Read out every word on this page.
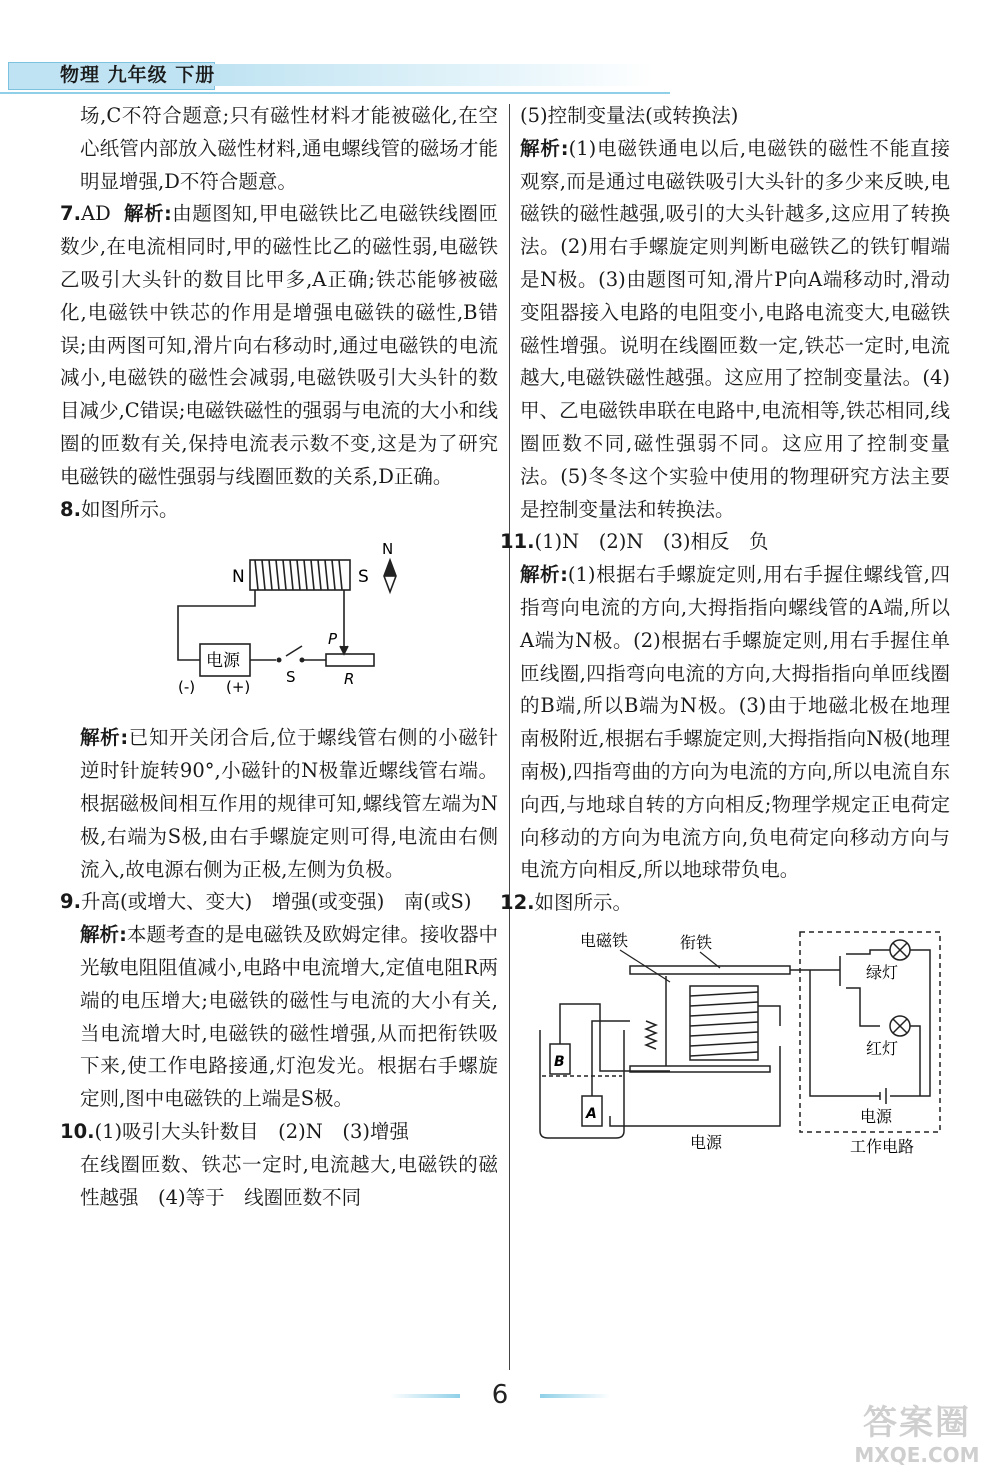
物理 九年级 下册

场,C不符合题意;只有磁性材料才能被磁化,在空心纸管内部放入磁性材料,通电螺线管的磁场才能明显增强,D不符合题意。

7.AD 解析:由题图知,甲电磁铁比乙电磁铁线圈匝数少,在电流相同时,甲的磁性比乙的磁性弱,电磁铁乙吸引大头针的数目比甲多,A正确;铁芯能够被磁化,电磁铁中铁芯的作用是增强电磁铁的磁性,B错误;由两图可知,滑片向右移动时,通过电磁铁的电流减小,电磁铁的磁性会减弱,电磁铁吸引大头针的数目减少,C错误;电磁铁磁性的强弱与电流的大小和线圈的匝数有关,保持电流表示数不变,这是为了研究电磁铁的磁性强弱与线圈匝数的关系,D正确。

8.如图所示。

N	S
N
电源
(-) (+)
S
P
R

解析:已知开关闭合后,位于螺线管右侧的小磁针逆时针旋转90°,小磁针的N极靠近螺线管右端。根据磁极间相互作用的规律可知,螺线管左端为N极,右端为S极,由右手螺旋定则可得,电流由右侧流入,故电源右侧为正极,左侧为负极。

9.升高(或增大、变大)　增强(或变强)　南(或S)

解析:本题考查的是电磁铁及欧姆定律。接收器中光敏电阻阻值减小,电路中电流增大,定值电阻R两端的电压增大;电磁铁的磁性与电流的大小有关,当电流增大时,电磁铁的磁性增强,从而把衔铁吸下来,使工作电路接通,灯泡发光。根据右手螺旋定则,图中电磁铁的上端是S极。

10.(1)吸引大头针数目　(2)N　(3)增强

在线圈匝数、铁芯一定时,电流越大,电磁铁的磁性越强　(4)等于　线圈匝数不同

(5)控制变量法(或转换法)

解析:(1)电磁铁通电以后,电磁铁的磁性不能直接观察,而是通过电磁铁吸引大头针的多少来反映,电磁铁的磁性越强,吸引的大头针越多,这应用了转换法。(2)用右手螺旋定则判断电磁铁乙的铁钉帽端是N极。(3)由题图可知,滑片P向A端移动时,滑动变阻器接入电路的电阻变小,电路电流变大,电磁铁磁性增强。说明在线圈匝数一定,铁芯一定时,电流越大,电磁铁磁性越强。这应用了控制变量法。(4)甲、乙电磁铁串联在电路中,电流相等,铁芯相同,线圈匝数不同,磁性强弱不同。这应用了控制变量法。(5)冬冬这个实验中使用的物理研究方法主要是控制变量法和转换法。

11.(1)N　(2)N　(3)相反　负

解析:(1)根据右手螺旋定则,用右手握住螺线管,四指弯向电流的方向,大拇指指向螺线管的A端,所以A端为N极。(2)根据右手螺旋定则,用右手握住单匝线圈,四指弯向电流的方向,大拇指指向单匝线圈的B端,所以B端为N极。(3)由于地磁北极在地理南极附近,根据右手螺旋定则,大拇指指向N极(地理南极),四指弯曲的方向为电流的方向,所以电流自东向西,与地球自转的方向相反;物理学规定正电荷定向移动的方向为电流方向,负电荷定向移动方向与电流方向相反,所以地球带负电。

12.如图所示。

电磁铁	衔铁
绿灯
红灯
电源
电源	工作电路
B
A
6
答案圈
MXQE.COM
